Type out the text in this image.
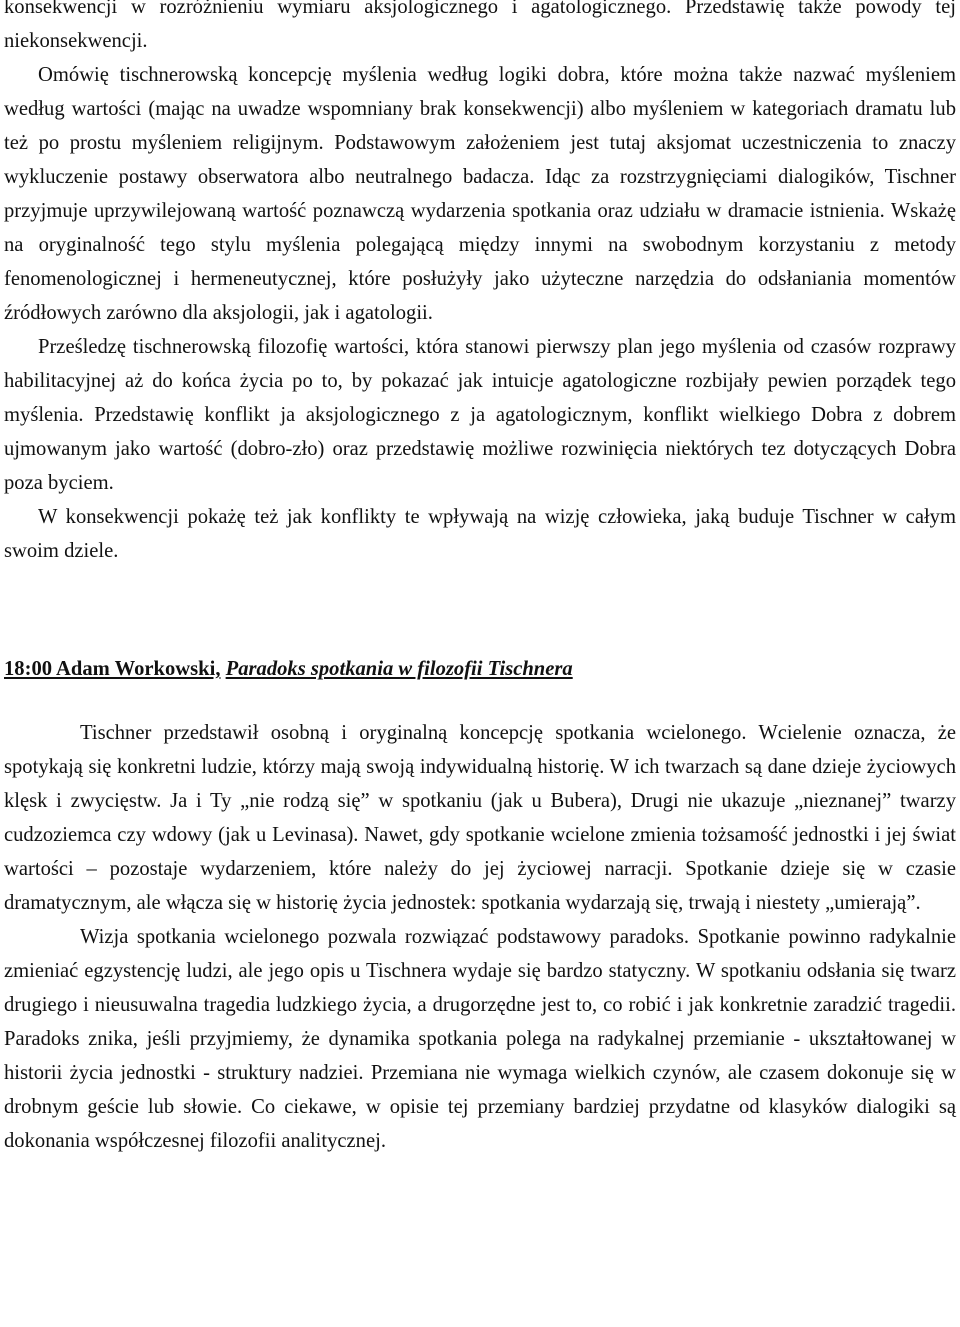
konsekwencji w rozróżnieniu wymiaru aksjologicznego i agatologicznego. Przedstawię także powody tej niekonsekwencji.

Omówię tischnerowską koncepcję myślenia według logiki dobra, które można także nazwać myśleniem według wartości (mając na uwadze wspomniany brak konsekwencji) albo myśleniem w kategoriach dramatu lub też po prostu myśleniem religijnym. Podstawowym założeniem jest tutaj aksjomat uczestniczenia to znaczy wykluczenie postawy obserwatora albo neutralnego badacza. Idąc za rozstrzygnięciami dialogików, Tischner przyjmuje uprzywilejowaną wartość poznawczą wydarzenia spotkania oraz udziału w dramacie istnienia. Wskażę na oryginalność tego stylu myślenia polegającą między innymi na swobodnym korzystaniu z metody fenomenologicznej i hermeneutycznej, które posłużyły jako użyteczne narzędzia do odsłaniania momentów źródłowych zarówno dla aksjologii, jak i agatologii.

Prześledzę tischnerowską filozofię wartości, która stanowi pierwszy plan jego myślenia od czasów rozprawy habilitacyjnej aż do końca życia po to, by pokazać jak intuicje agatologiczne rozbijały pewien porządek tego myślenia. Przedstawię konflikt ja aksjologicznego z ja agatologicznym, konflikt wielkiego Dobra z dobrem ujmowanym jako wartość (dobro-zło) oraz przedstawię możliwe rozwinięcia niektórych tez dotyczących Dobra poza byciem.

W konsekwencji pokażę też jak konflikty te wpływają na wizję człowieka, jaką buduje Tischner w całym swoim dziele.

18:00 Adam Workowski, Paradoks spotkania w filozofii Tischnera

Tischner przedstawił osobną i oryginalną koncepcję spotkania wcielonego. Wcielenie oznacza, że spotykają się konkretni ludzie, którzy mają swoją indywidualną historię. W ich twarzach są dane dzieje życiowych klęsk i zwycięstw. Ja i Ty „nie rodzą się” w spotkaniu (jak u Bubera), Drugi nie ukazuje „nieznanej” twarzy cudzoziemca czy wdowy (jak u Levinasa). Nawet, gdy spotkanie wcielone zmienia tożsamość jednostki i jej świat wartości – pozostaje wydarzeniem, które należy do jej życiowej narracji. Spotkanie dzieje się w czasie dramatycznym, ale włącza się w historię życia jednostek: spotkania wydarzają się, trwają i niestety „umierają”.

Wizja spotkania wcielonego pozwala rozwiązać podstawowy paradoks. Spotkanie powinno radykalnie zmieniać egzystencję ludzi, ale jego opis u Tischnera wydaje się bardzo statyczny. W spotkaniu odsłania się twarz drugiego i nieusuwalna tragedia ludzkiego życia, a drugorzędne jest to, co robić i jak konkretnie zaradzić tragedii. Paradoks znika, jeśli przyjmiemy, że dynamika spotkania polega na radykalnej przemianie - ukształtowanej w historii życia jednostki - struktury nadziei. Przemiana nie wymaga wielkich czynów, ale czasem dokonuje się w drobnym geście lub słowie. Co ciekawe, w opisie tej przemiany bardziej przydatne od klasyków dialogiki są dokonania współczesnej filozofii analitycznej.
